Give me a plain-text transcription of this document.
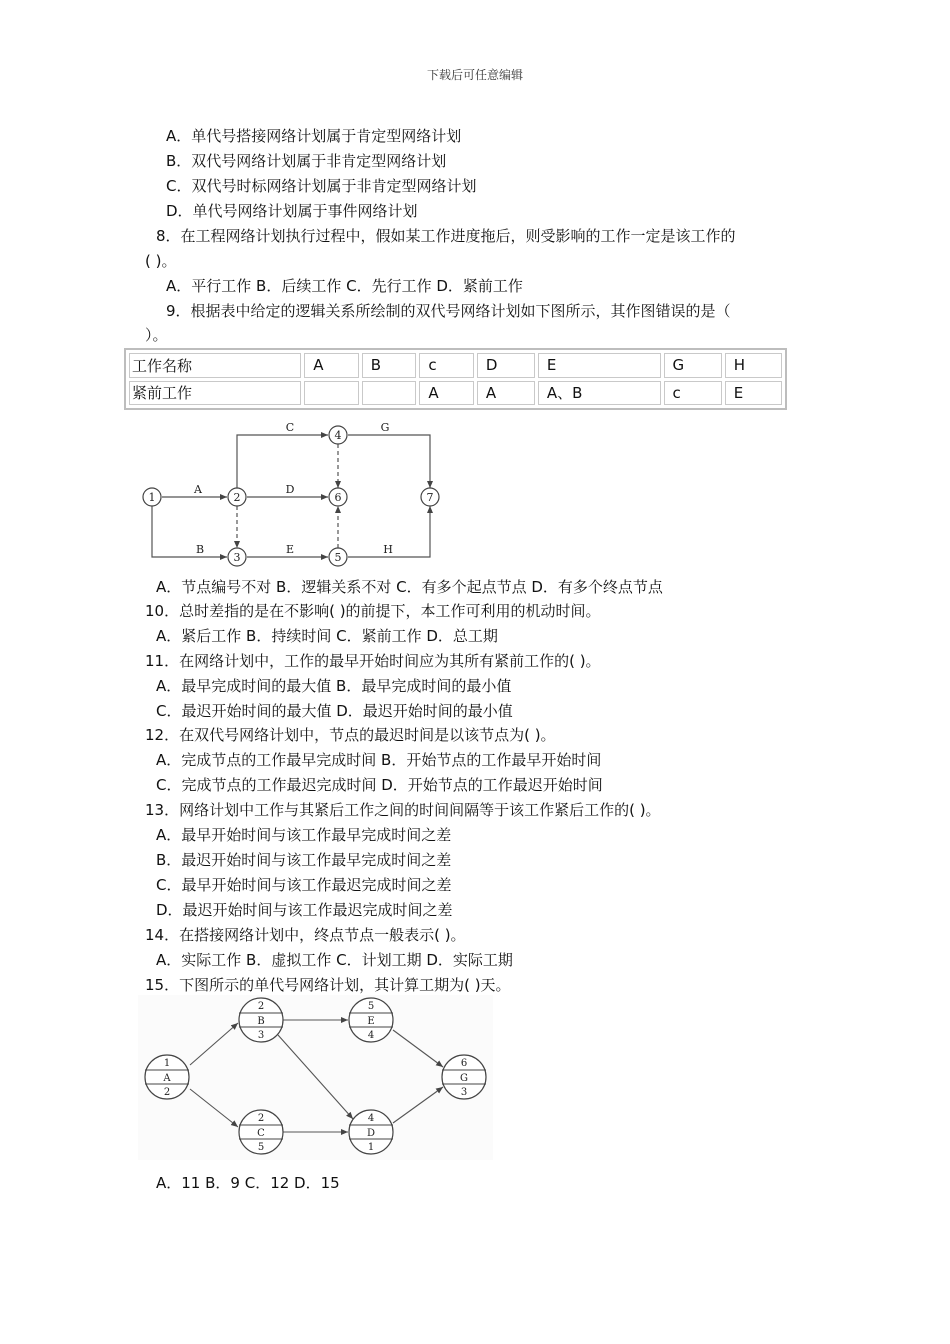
下载后可任意编辑
A．单代号搭接网络计划属于肯定型网络计划
B．双代号网络计划属于非肯定型网络计划
C．双代号时标网络计划属于非肯定型网络计划
D．单代号网络计划属于事件网络计划
8．在工程网络计划执行过程中，假如某工作进度拖后，则受影响的工作一定是该工作的
( )。
A．平行工作 B．后续工作 C．先行工作 D．紧前工作
9．根据表中给定的逻辑关系所绘制的双代号网络计划如下图所示，其作图错误的是（
）。
工作名称	A	B	c	D	E	G	H
紧前工作			A	A	A、B	c	E
A
B
C
D
E
G
H
1	2
3
4
5
6	7
A．节点编号不对 B．逻辑关系不对 C．有多个起点节点 D．有多个终点节点
10．总时差指的是在不影响( )的前提下，本工作可利用的机动时间。
A．紧后工作 B．持续时间 C．紧前工作 D．总工期
11．在网络计划中，工作的最早开始时间应为其所有紧前工作的( )。
A．最早完成时间的最大值 B．最早完成时间的最小值
C．最迟开始时间的最大值 D．最迟开始时间的最小值
12．在双代号网络计划中，节点的最迟时间是以该节点为( )。
A．完成节点的工作最早完成时间 B．开始节点的工作最早开始时间
C．完成节点的工作最迟完成时间 D．开始节点的工作最迟开始时间
13．网络计划中工作与其紧后工作之间的时间间隔等于该工作紧后工作的( )。
A．最早开始时间与该工作最早完成时间之差
B．最迟开始时间与该工作最早完成时间之差
C．最早开始时间与该工作最迟完成时间之差
D．最迟开始时间与该工作最迟完成时间之差
14．在搭接网络计划中，终点节点一般表示( )。
A．实际工作 B．虚拟工作 C．计划工期 D．实际工期
15．下图所示的单代号网络计划，其计算工期为( )天。
1
A
2
2
B
3
2
C
5
5
E
4
4
D
1
6
G
3
A．11 B．9 C．12 D．15
